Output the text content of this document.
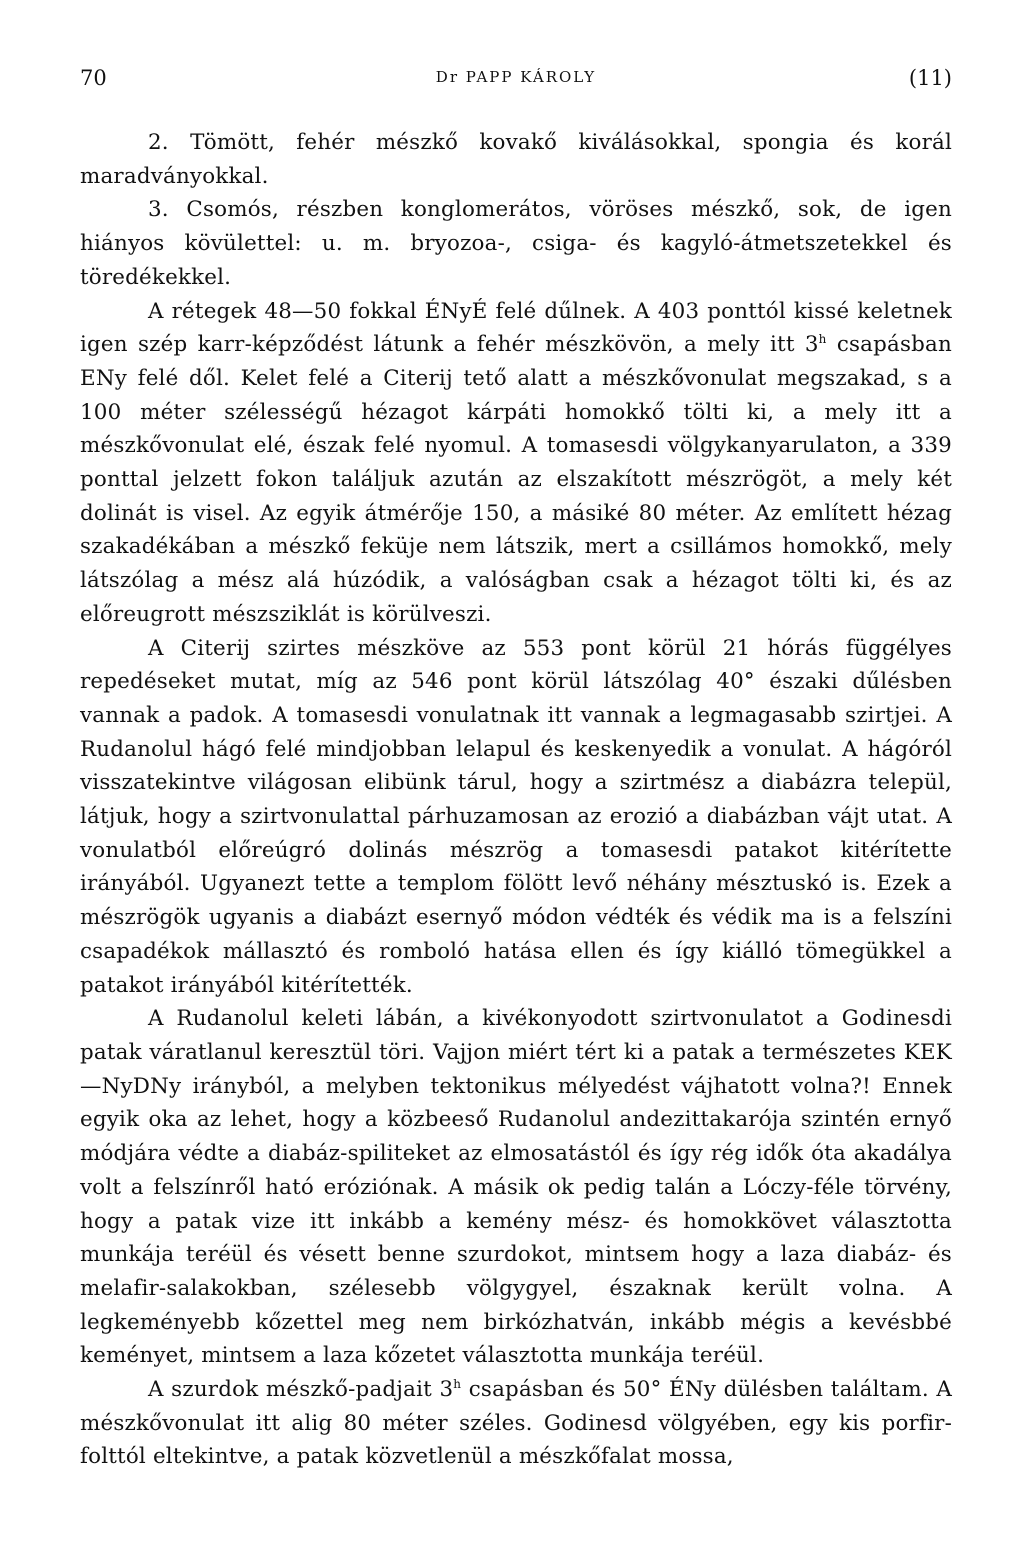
70	Dr PAPP KÁROLY	(11)

2. Tömött, fehér mészkő kovakő kiválásokkal, spongia és korál maradványokkal.

3. Csomós, részben konglomerátos, vöröses mészkő, sok, de igen hiányos kövülettel: u. m. bryozoa-, csiga- és kagyló-átmetszetekkel és töredékekkel.

A rétegek 48—50 fokkal ÉNyÉ felé dűlnek. A 403 ponttól kissé keletnek igen szép karr-képződést látunk a fehér mészkövön, a mely itt 3$^h$ csapásban ENy felé dől. Kelet felé a Citerij tető alatt a mészkővonulat megszakad, s a 100 méter szélességű hézagot kárpáti homokkő tölti ki, a mely itt a mészkővonulat elé, észak felé nyomul. A tomasesdi völgykanyarulaton, a 339 ponttal jelzett fokon találjuk azután az elszakított mészrögöt, a mely két dolinát is visel. Az egyik átmérője 150, a másiké 80 méter. Az említett hézag szakadékában a mészkő feküje nem látszik, mert a csillámos homokkő, mely látszólag a mész alá húzódik, a valóságban csak a hézagot tölti ki, és az előreugrott mészsziklát is körülveszi.

A Citerij szirtes mészköve az 553 pont körül 21 hórás függélyes repedéseket mutat, míg az 546 pont körül látszólag 40° északi dűlésben vannak a padok. A tomasesdi vonulatnak itt vannak a legmagasabb szirtjei. A Rudanolul hágó felé mindjobban lelapul és keskenyedik a vonulat. A hágóról visszatekintve világosan elibünk tárul, hogy a szirtmész a diabázra települ, látjuk, hogy a szirtvonulattal párhuzamosan az erozió a diabázban vájt utat. A vonulatból előreúgró dolinás mészrög a tomasesdi patakot kitérítette irányából. Ugyanezt tette a templom fölött levő néhány mésztuskó is. Ezek a mészrögök ugyanis a diabázt esernyő módon védték és védik ma is a felszíni csapadékok mállasztó és romboló hatása ellen és így kiálló tömegükkel a patakot irányából kitérítették.

A Rudanolul keleti lábán, a kivékonyodott szirtvonulatot a Godinesdi patak váratlanul keresztül töri. Vajjon miért tért ki a patak a természetes KEK—NyDNy irányból, a melyben tektonikus mélyedést vájhatott volna?! Ennek egyik oka az lehet, hogy a közbeeső Rudanolul andezittakarója szintén ernyő módjára védte a diabáz-spiliteket az elmosatástól és így rég idők óta akadálya volt a felszínről ható eróziónak. A másik ok pedig talán a Lóczy-féle törvény, hogy a patak vize itt inkább a kemény mész- és homokkövet választotta munkája teréül és vésett benne szurdokot, mintsem hogy a laza diabáz- és melafir-salakokban, szélesebb völgygyel, északnak került volna. A legkeményebb kőzettel meg nem birkózhatván, inkább mégis a kevésbbé keményet, mintsem a laza kőzetet választotta munkája teréül.

A szurdok mészkő-padjait 3$^h$ csapásban és 50° ÉNy dülésben találtam. A mészkővonulat itt alig 80 méter széles. Godinesd völgyében, egy kis porfir-folttól eltekintve, a patak közvetlenül a mészkőfalat mossa,
